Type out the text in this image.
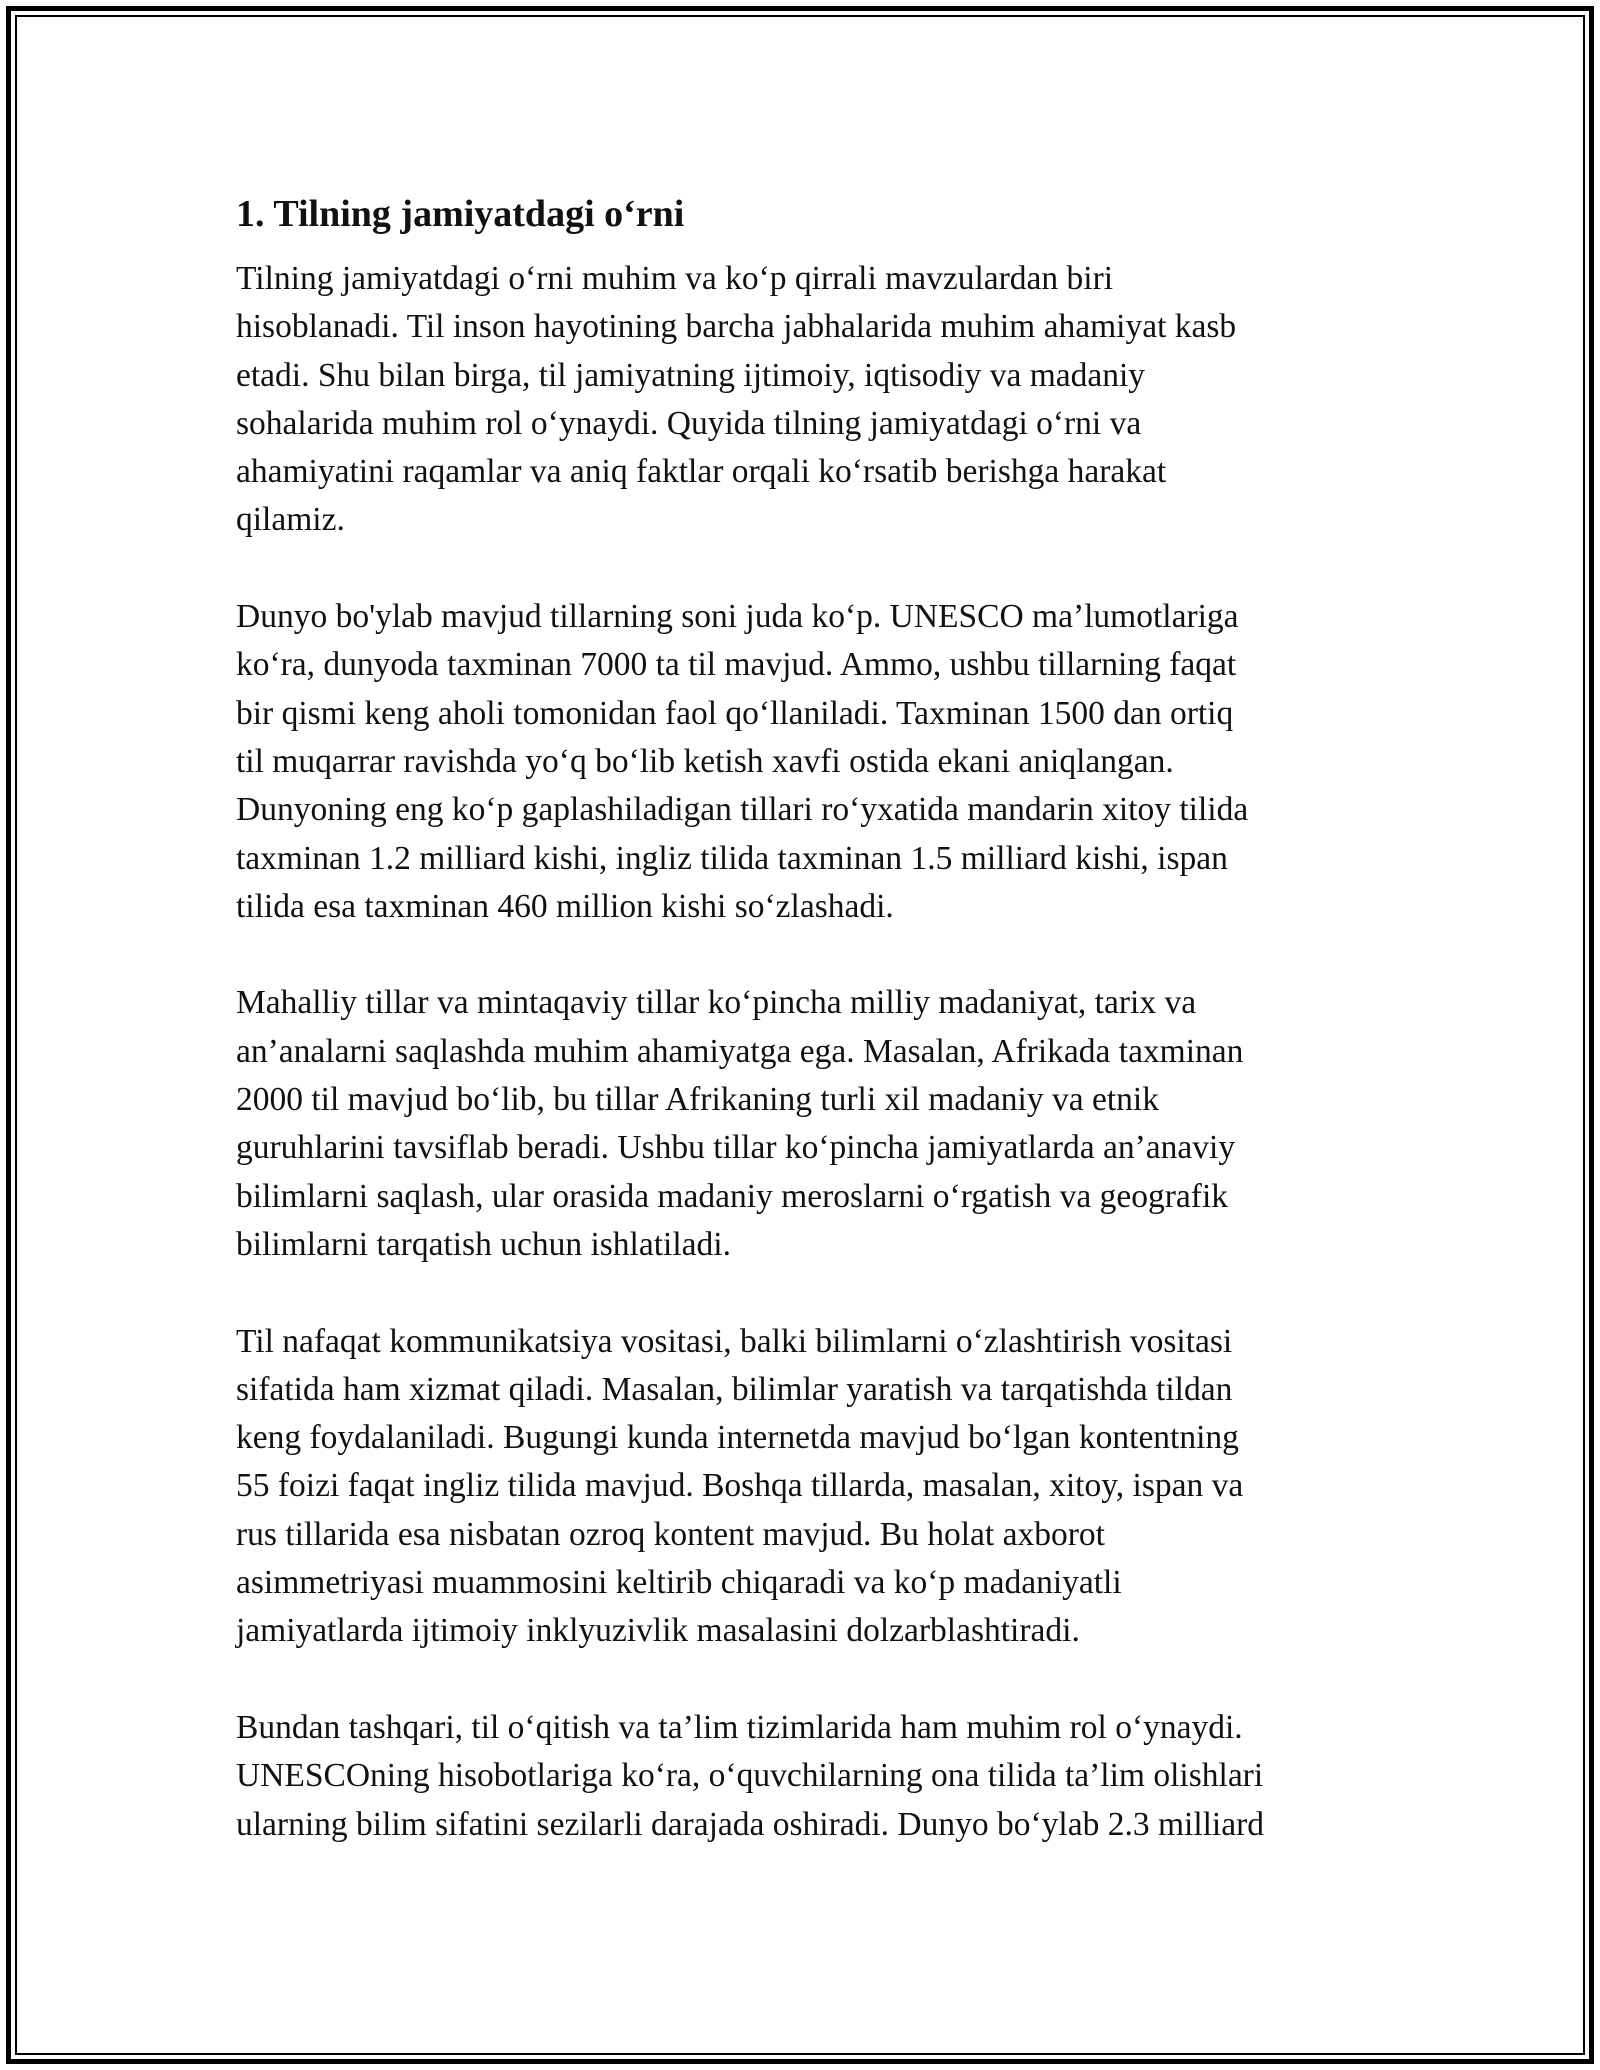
1. Tilning jamiyatdagi o‘rni

Tilning jamiyatdagi o‘rni muhim va ko‘p qirrali mavzulardan biri
hisoblanadi. Til inson hayotining barcha jabhalarida muhim ahamiyat kasb
etadi. Shu bilan birga, til jamiyatning ijtimoiy, iqtisodiy va madaniy
sohalarida muhim rol o‘ynaydi. Quyida tilning jamiyatdagi o‘rni va
ahamiyatini raqamlar va aniq faktlar orqali ko‘rsatib berishga harakat
qilamiz.

Dunyo bo'ylab mavjud tillarning soni juda ko‘p. UNESCO ma’lumotlariga
ko‘ra, dunyoda taxminan 7000 ta til mavjud. Ammo, ushbu tillarning faqat
bir qismi keng aholi tomonidan faol qo‘llaniladi. Taxminan 1500 dan ortiq
til muqarrar ravishda yo‘q bo‘lib ketish xavfi ostida ekani aniqlangan.
Dunyoning eng ko‘p gaplashiladigan tillari ro‘yxatida mandarin xitoy tilida
taxminan 1.2 milliard kishi, ingliz tilida taxminan 1.5 milliard kishi, ispan
tilida esa taxminan 460 million kishi so‘zlashadi.

Mahalliy tillar va mintaqaviy tillar ko‘pincha milliy madaniyat, tarix va
an’analarni saqlashda muhim ahamiyatga ega. Masalan, Afrikada taxminan
2000 til mavjud bo‘lib, bu tillar Afrikaning turli xil madaniy va etnik
guruhlarini tavsiflab beradi. Ushbu tillar ko‘pincha jamiyatlarda an’anaviy
bilimlarni saqlash, ular orasida madaniy meroslarni o‘rgatish va geografik
bilimlarni tarqatish uchun ishlatiladi.

Til nafaqat kommunikatsiya vositasi, balki bilimlarni o‘zlashtirish vositasi
sifatida ham xizmat qiladi. Masalan, bilimlar yaratish va tarqatishda tildan
keng foydalaniladi. Bugungi kunda internetda mavjud bo‘lgan kontentning
55 foizi faqat ingliz tilida mavjud. Boshqa tillarda, masalan, xitoy, ispan va
rus tillarida esa nisbatan ozroq kontent mavjud. Bu holat axborot
asimmetriyasi muammosini keltirib chiqaradi va ko‘p madaniyatli
jamiyatlarda ijtimoiy inklyuzivlik masalasini dolzarblashtiradi.

Bundan tashqari, til o‘qitish va ta’lim tizimlarida ham muhim rol o‘ynaydi.
UNESCOning hisobotlariga ko‘ra, o‘quvchilarning ona tilida ta’lim olishlari
ularning bilim sifatini sezilarli darajada oshiradi. Dunyo bo‘ylab 2.3 milliard
